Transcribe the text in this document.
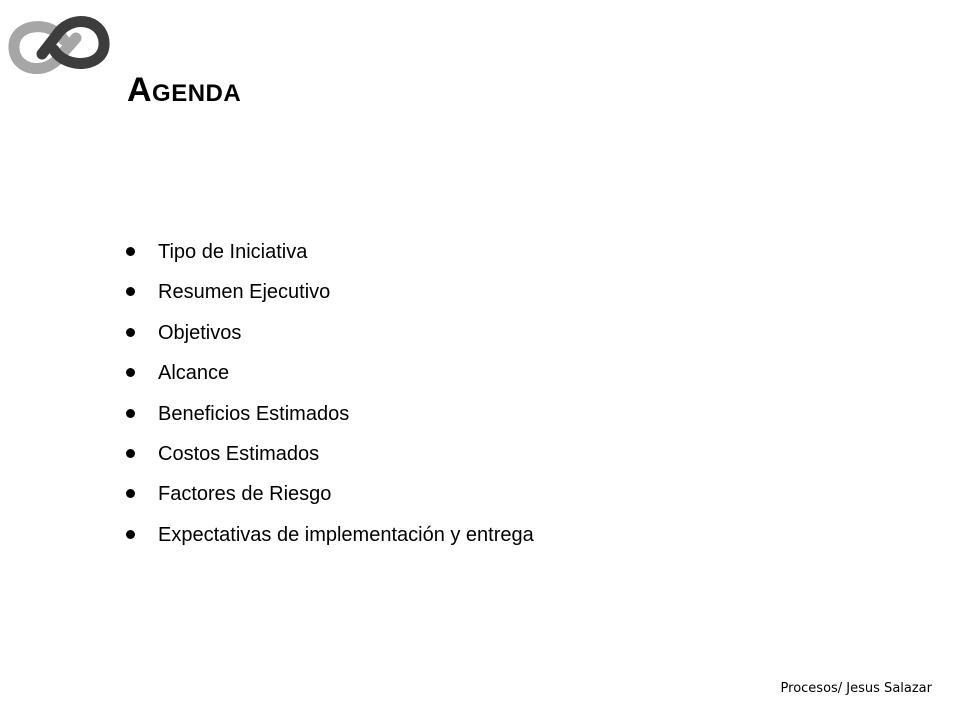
Agenda
Tipo de Iniciativa
Resumen Ejecutivo
Objetivos
Alcance
Beneficios Estimados
Costos Estimados
Factores de Riesgo
Expectativas de implementación y entrega
Procesos/ Jesus Salazar
